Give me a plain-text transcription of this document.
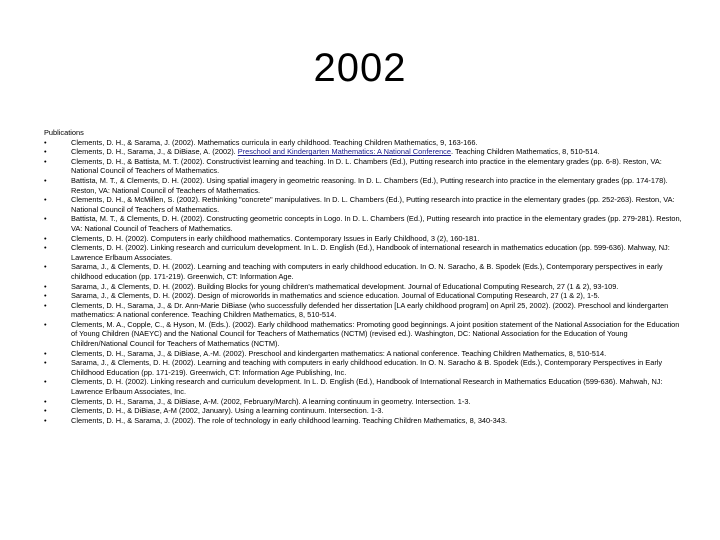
2002

Publications

• Clements, D. H., & Sarama, J. (2002). Mathematics curricula in early childhood. Teaching Children Mathematics, 9, 163-166.
• Clements, D. H., Sarama, J., & DiBiase, A. (2002). Preschool and Kindergarten Mathematics: A National Conference. Teaching Children Mathematics, 8, 510-514.
• Clements, D. H., & Battista, M. T. (2002). Constructivist learning and teaching. In D. L. Chambers (Ed.), Putting research into practice in the elementary grades (pp. 6-8). Reston, VA: National Council of Teachers of Mathematics.
• Battista, M. T., & Clements, D. H. (2002). Using spatial imagery in geometric reasoning. In D. L. Chambers (Ed.), Putting research into practice in the elementary grades (pp. 174-178). Reston, VA: National Council of Teachers of Mathematics.
• Clements, D. H., & McMillen, S. (2002). Rethinking "concrete" manipulatives. In D. L. Chambers (Ed.), Putting research into practice in the elementary grades (pp. 252-263). Reston, VA: National Council of Teachers of Mathematics.
• Battista, M. T., & Clements, D. H. (2002). Constructing geometric concepts in Logo. In D. L. Chambers (Ed.), Putting research into practice in the elementary grades (pp. 279-281). Reston, VA: National Council of Teachers of Mathematics.
• Clements, D. H. (2002). Computers in early childhood mathematics. Contemporary Issues in Early Childhood, 3 (2), 160-181.
• Clements, D. H. (2002). Linking research and curriculum development. In L. D. English (Ed.), Handbook of international research in mathematics education (pp. 599-636). Mahway, NJ: Lawrence Erlbaum Associates.
• Sarama, J., & Clements, D. H. (2002). Learning and teaching with computers in early childhood education. In O. N. Saracho, & B. Spodek (Eds.), Contemporary perspectives in early childhood education (pp. 171-219). Greenwich, CT: Information Age.
• Sarama, J., & Clements, D. H. (2002). Building Blocks for young children's mathematical development. Journal of Educational Computing Research, 27 (1 & 2), 93-109.
• Sarama, J., & Clements, D. H. (2002). Design of microworlds in mathematics and science education. Journal of Educational Computing Research, 27 (1 & 2), 1-5.
• Clements, D. H., Sarama, J., & Dr. Ann-Marie DiBiase (who successfully defended her dissertation [LA early childhood program] on April 25, 2002). (2002). Preschool and kindergarten mathematics: A national conference. Teaching Children Mathematics, 8, 510-514.
• Clements, M. A., Copple, C., & Hyson, M. (Eds.). (2002). Early childhood mathematics: Promoting good beginnings. A joint position statement of the National Association for the Education of Young Children (NAEYC) and the National Council for Teachers of Mathematics (NCTM) (revised ed.). Washington, DC: National Association for the Education of Young Children/National Council for Teachers of Mathematics (NCTM).
• Clements, D. H., Sarama, J., & DiBiase, A.-M. (2002). Preschool and kindergarten mathematics: A national conference. Teaching Children Mathematics, 8, 510-514.
• Sarama, J., & Clements, D. H. (2002). Learning and teaching with computers in early childhood education. In O. N. Saracho & B. Spodek (Eds.), Contemporary Perspectives in Early Childhood Education (pp. 171-219). Greenwich, CT: Information Age Publishing, Inc.
• Clements, D. H. (2002). Linking research and curriculum development. In L. D. English (Ed.), Handbook of International Research in Mathematics Education (599-636). Mahwah, NJ: Lawrence Erlbaum Associates, Inc.
• Clements, D. H., Sarama, J., & DiBiase, A-M. (2002, February/March). A learning continuum in geometry. Intersection. 1-3.
• Clements, D. H., & DiBiase, A-M (2002, January). Using a learning continuum. Intersection. 1-3.
• Clements, D. H., & Sarama, J. (2002). The role of technology in early childhood learning. Teaching Children Mathematics, 8, 340-343.
